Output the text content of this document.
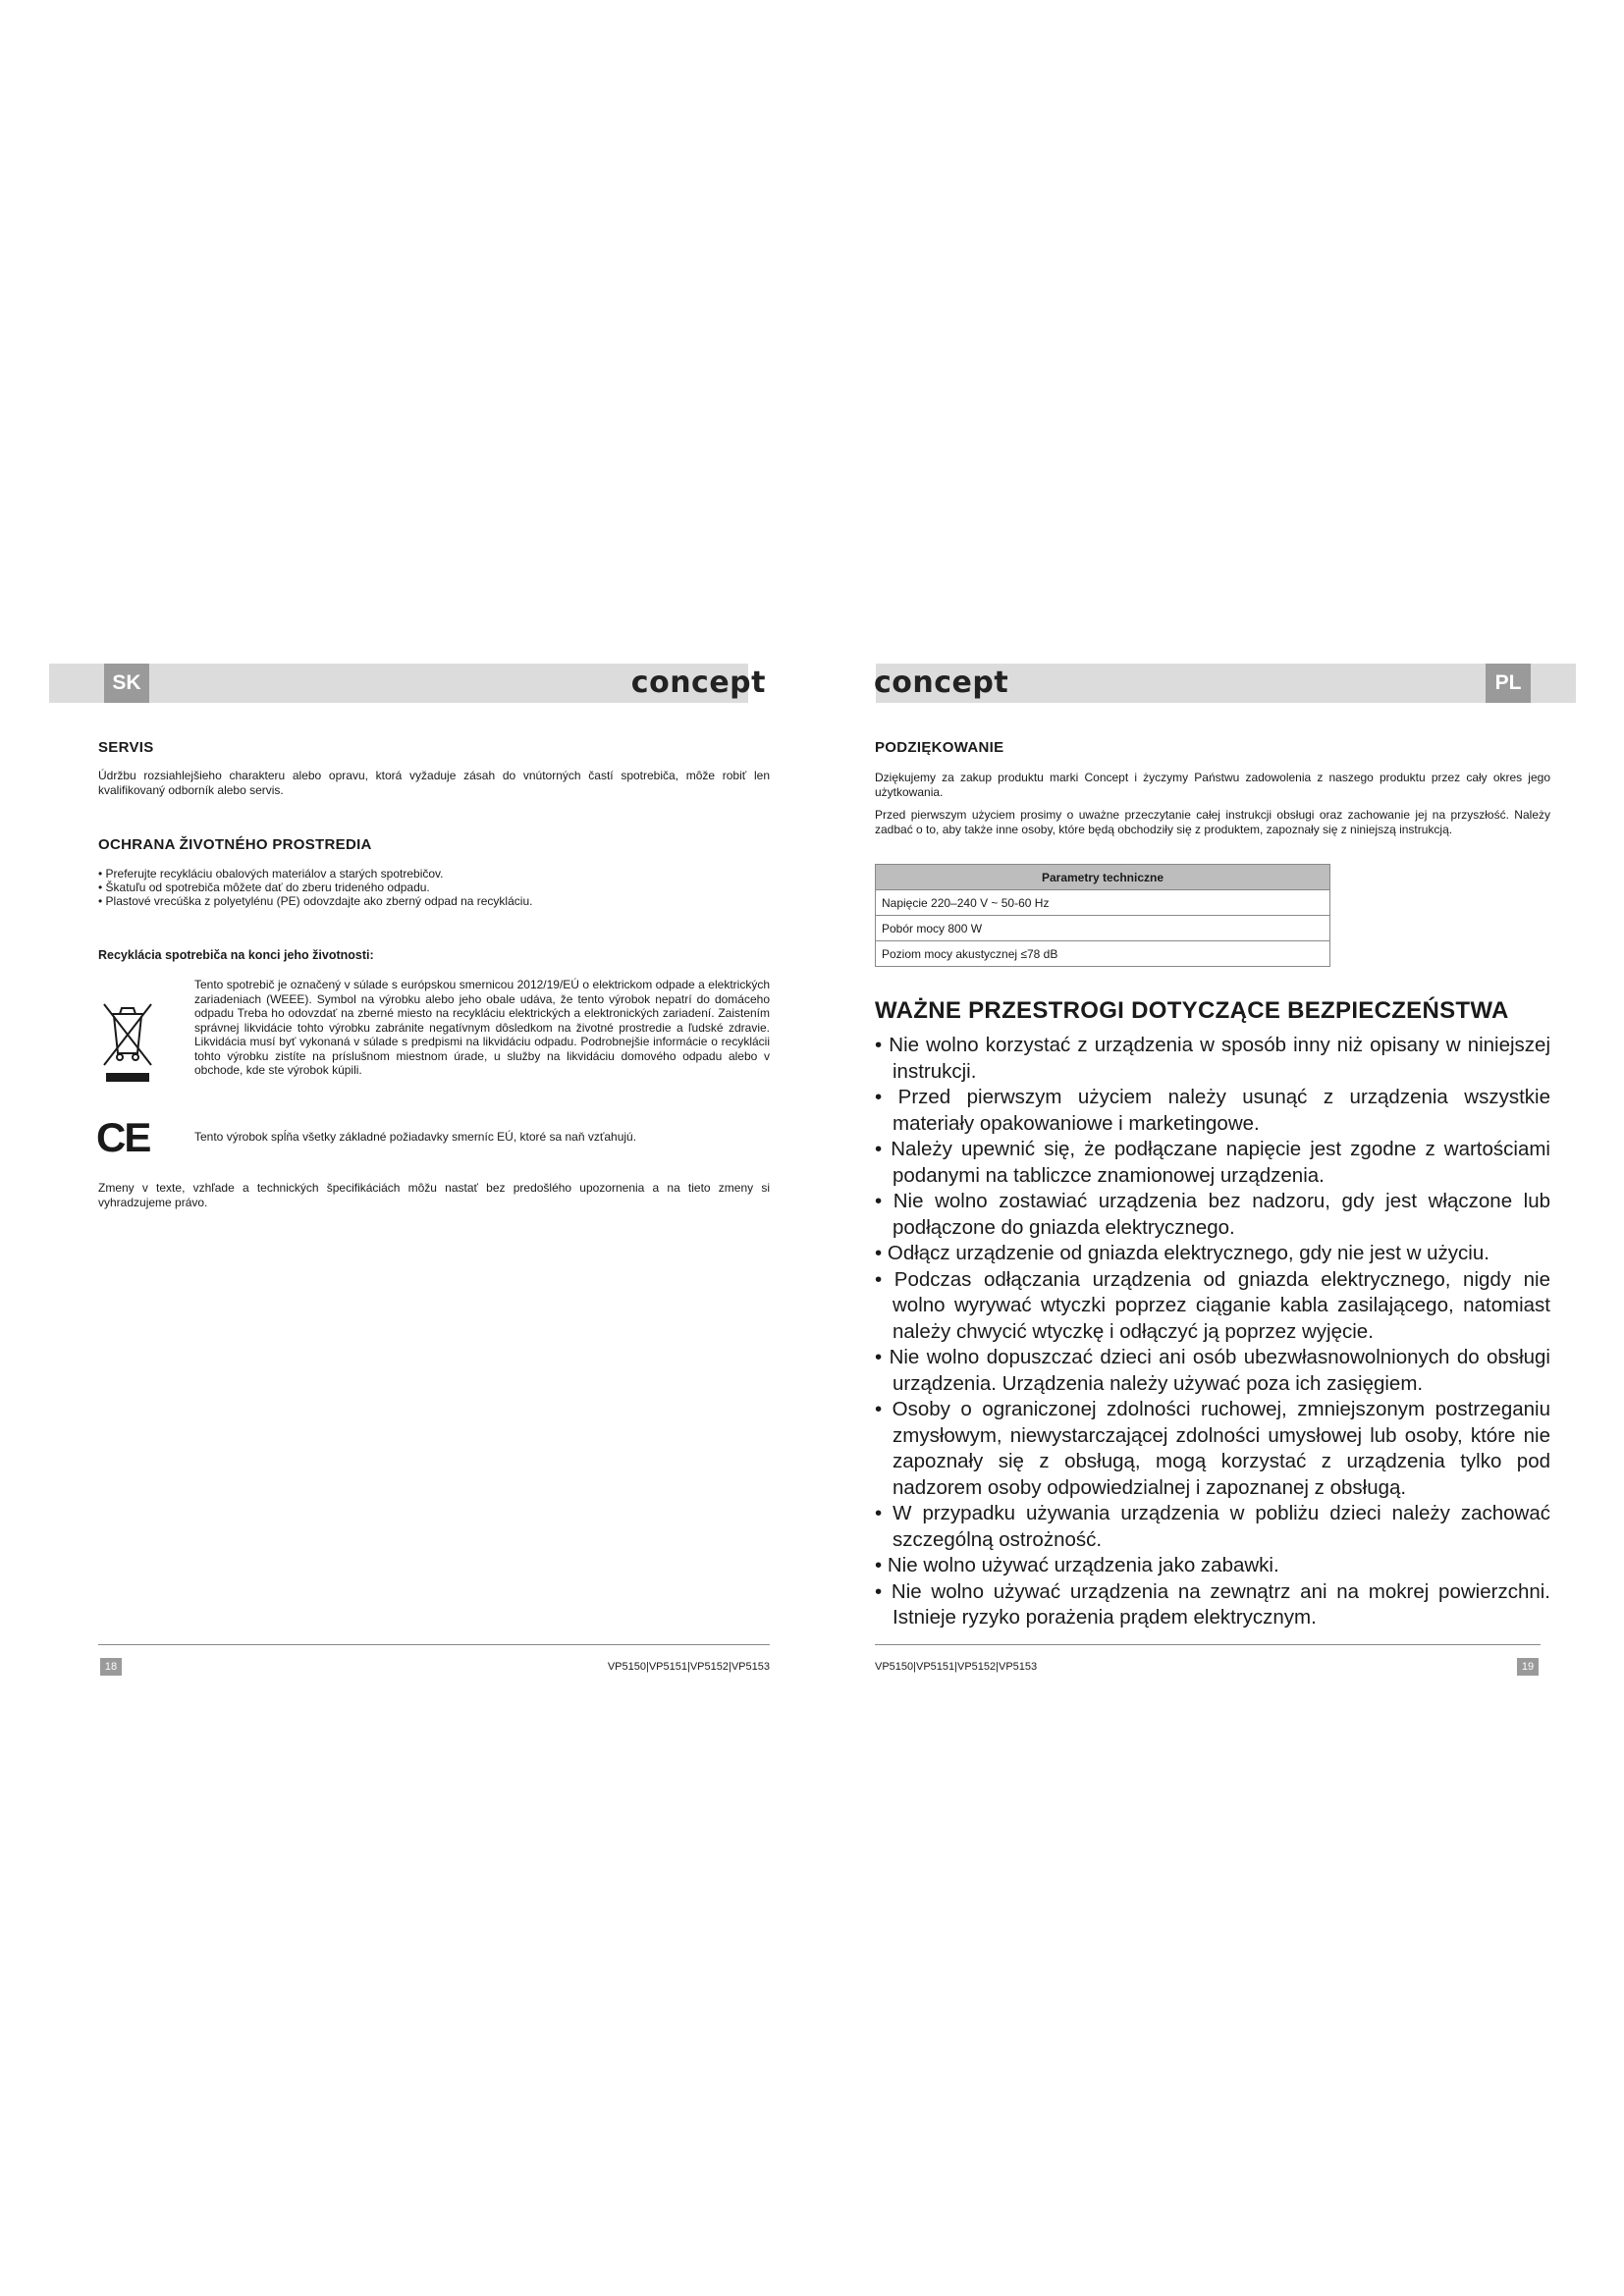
SK	PL
concept	concept
SERVIS
Údržbu rozsiahlejšieho charakteru alebo opravu, ktorá vyžaduje zásah do vnútorných častí spotrebiča, môže robiť len kvalifikovaný odborník alebo servis.
OCHRANA ŽIVOTNÉHO PROSTREDIA
• Preferujte recykláciu obalových materiálov a starých spotrebičov.
• Škatuľu od spotrebiča môžete dať do zberu trideného odpadu.
• Plastové vrecúška z polyetylénu (PE) odovzdajte ako zberný odpad na recykláciu.
Recyklácia spotrebiča na konci jeho životnosti:
Tento spotrebič je označený v súlade s európskou smernicou 2012/19/EÚ o elektrickom odpade a elektrických zariadeniach (WEEE). Symbol na výrobku alebo jeho obale udáva, že tento výrobok nepatrí do domáceho odpadu Treba ho odovzdať na zberné miesto na recykláciu elektrických a elektronických zariadení. Zaistením správnej likvidácie tohto výrobku zabránite negatívnym dôsledkom na životné prostredie a ľudské zdravie. Likvidácia musí byť vykonaná v súlade s predpismi na likvidáciu odpadu. Podrobnejšie informácie o recyklácii tohto výrobku zistíte na príslušnom miestnom úrade, u služby na likvidáciu domového odpadu alebo v obchode, kde ste výrobok kúpili.
CE	Tento výrobok spĺňa všetky základné požiadavky smerníc EÚ, ktoré sa naň vzťahujú.
Zmeny v texte, vzhľade a technických špecifikáciách môžu nastať bez predošlého upozornenia a na tieto zmeny si vyhradzujeme právo.
PODZIĘKOWANIE
Dziękujemy za zakup produktu marki Concept i życzymy Państwu zadowolenia z naszego produktu przez cały okres jego użytkowania.
Przed pierwszym użyciem prosimy o uważne przeczytanie całej instrukcji obsługi oraz zachowanie jej na przyszłość. Należy zadbać o to, aby także inne osoby, które będą obchodziły się z produktem, zapoznały się z niniejszą instrukcją.
Parametry techniczne
Napięcie 220–240 V ~ 50-60 Hz
Pobór mocy 800 W
Poziom mocy akustycznej ≤78 dB
WAŻNE PRZESTROGI DOTYCZĄCE BEZPIECZEŃSTWA
• Nie wolno korzystać z urządzenia w sposób inny niż opisany w niniejszej instrukcji.
• Przed pierwszym użyciem należy usunąć z urządzenia wszystkie materiały opakowaniowe i marketingowe.
• Należy upewnić się, że podłączane napięcie jest zgodne z wartościami podanymi na tabliczce znamionowej urządzenia.
• Nie wolno zostawiać urządzenia bez nadzoru, gdy jest włączone lub podłączone do gniazda elektrycznego.
• Odłącz urządzenie od gniazda elektrycznego, gdy nie jest w użyciu.
• Podczas odłączania urządzenia od gniazda elektrycznego, nigdy nie wolno wyrywać wtyczki poprzez ciąganie kabla zasilającego, natomiast należy chwycić wtyczkę i odłączyć ją poprzez wyjęcie.
• Nie wolno dopuszczać dzieci ani osób ubezwłasnowolnionych do obsługi urządzenia. Urządzenia należy używać poza ich zasięgiem.
• Osoby o ograniczonej zdolności ruchowej, zmniejszonym postrzeganiu zmysłowym, niewystarczającej zdolności umysłowej lub osoby, które nie zapoznały się z obsługą, mogą korzystać z urządzenia tylko pod nadzorem osoby odpowiedzialnej i zapoznanej z obsługą.
• W przypadku używania urządzenia w pobliżu dzieci należy zachować szczególną ostrożność.
• Nie wolno używać urządzenia jako zabawki.
• Nie wolno używać urządzenia na zewnątrz ani na mokrej powierzchni. Istnieje ryzyko porażenia prądem elektrycznym.
18	VP5150|VP5151|VP5152|VP5153	VP5150|VP5151|VP5152|VP5153	19
